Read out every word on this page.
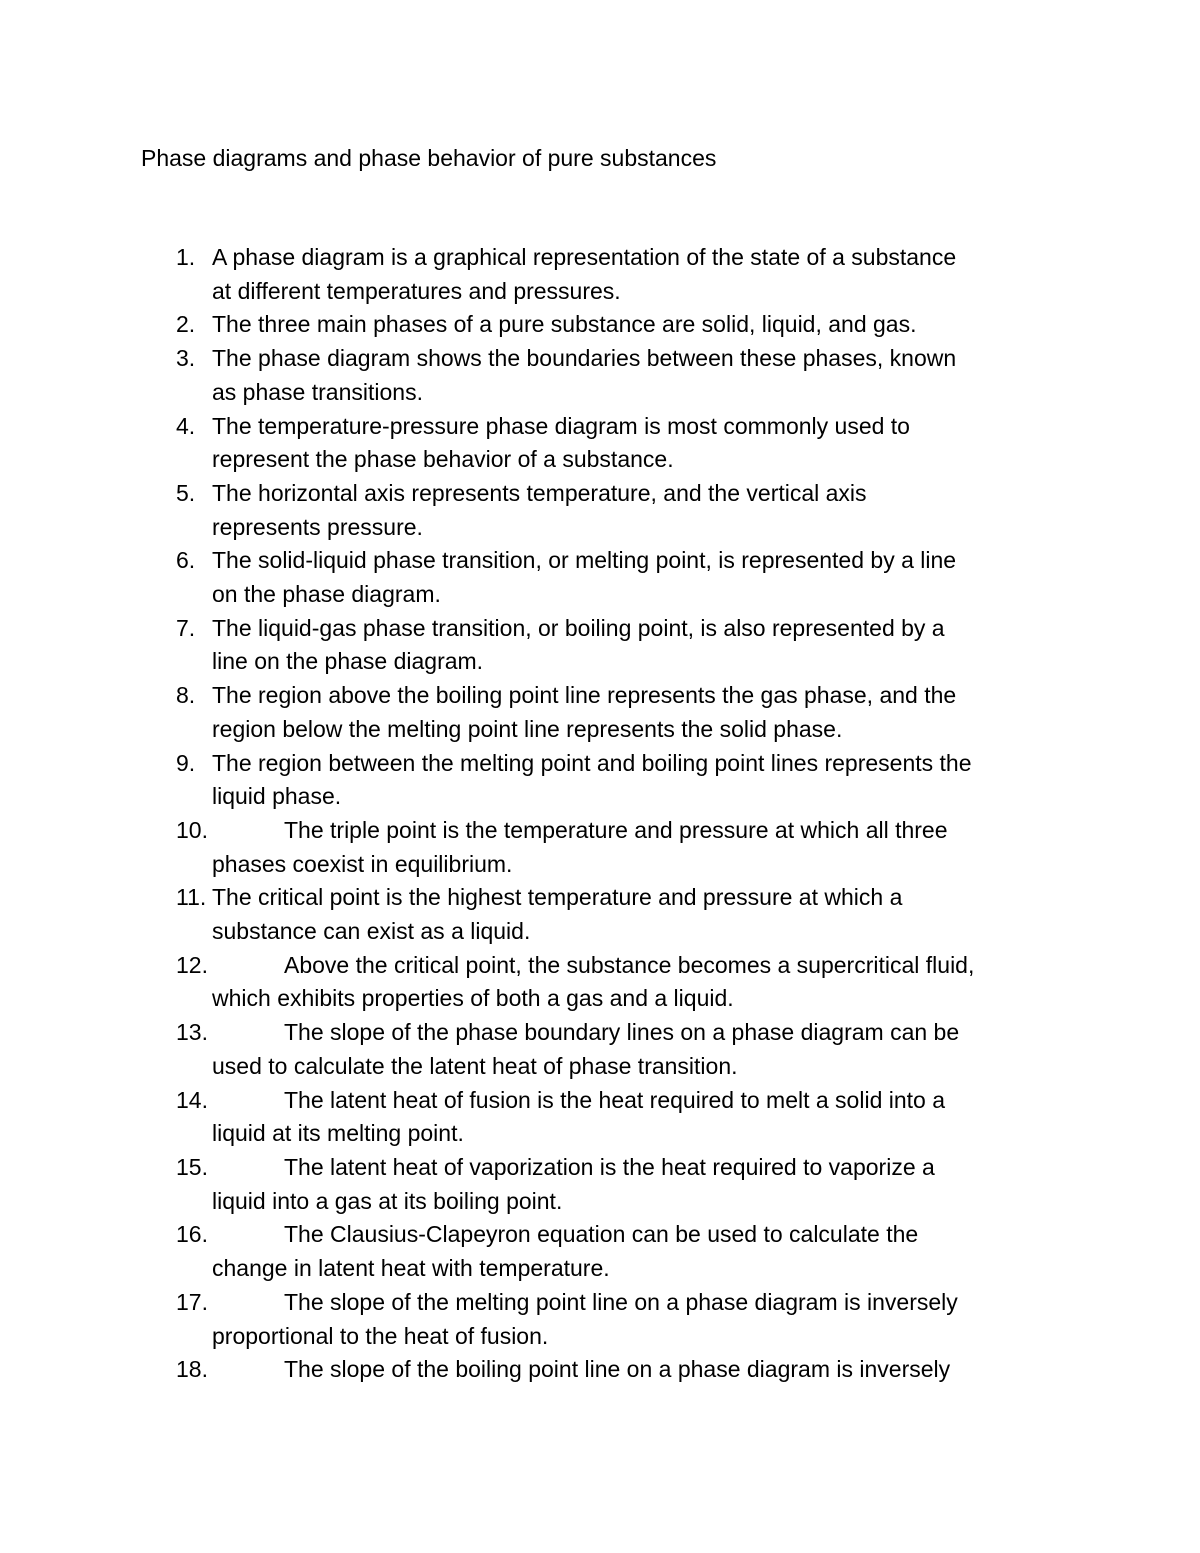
Phase diagrams and phase behavior of pure substances
1. A phase diagram is a graphical representation of the state of a substance
at different temperatures and pressures.
2. The three main phases of a pure substance are solid, liquid, and gas.
3. The phase diagram shows the boundaries between these phases, known
as phase transitions.
4. The temperature-pressure phase diagram is most commonly used to
represent the phase behavior of a substance.
5. The horizontal axis represents temperature, and the vertical axis
represents pressure.
6. The solid-liquid phase transition, or melting point, is represented by a line
on the phase diagram.
7. The liquid-gas phase transition, or boiling point, is also represented by a
line on the phase diagram.
8. The region above the boiling point line represents the gas phase, and the
region below the melting point line represents the solid phase.
9. The region between the melting point and boiling point lines represents the
liquid phase.
10.	The triple point is the temperature and pressure at which all three
phases coexist in equilibrium.
11. The critical point is the highest temperature and pressure at which a
substance can exist as a liquid.
12.	Above the critical point, the substance becomes a supercritical fluid,
which exhibits properties of both a gas and a liquid.
13.	The slope of the phase boundary lines on a phase diagram can be
used to calculate the latent heat of phase transition.
14.	The latent heat of fusion is the heat required to melt a solid into a
liquid at its melting point.
15.	The latent heat of vaporization is the heat required to vaporize a
liquid into a gas at its boiling point.
16.	The Clausius-Clapeyron equation can be used to calculate the
change in latent heat with temperature.
17.	The slope of the melting point line on a phase diagram is inversely
proportional to the heat of fusion.
18.	The slope of the boiling point line on a phase diagram is inversely
